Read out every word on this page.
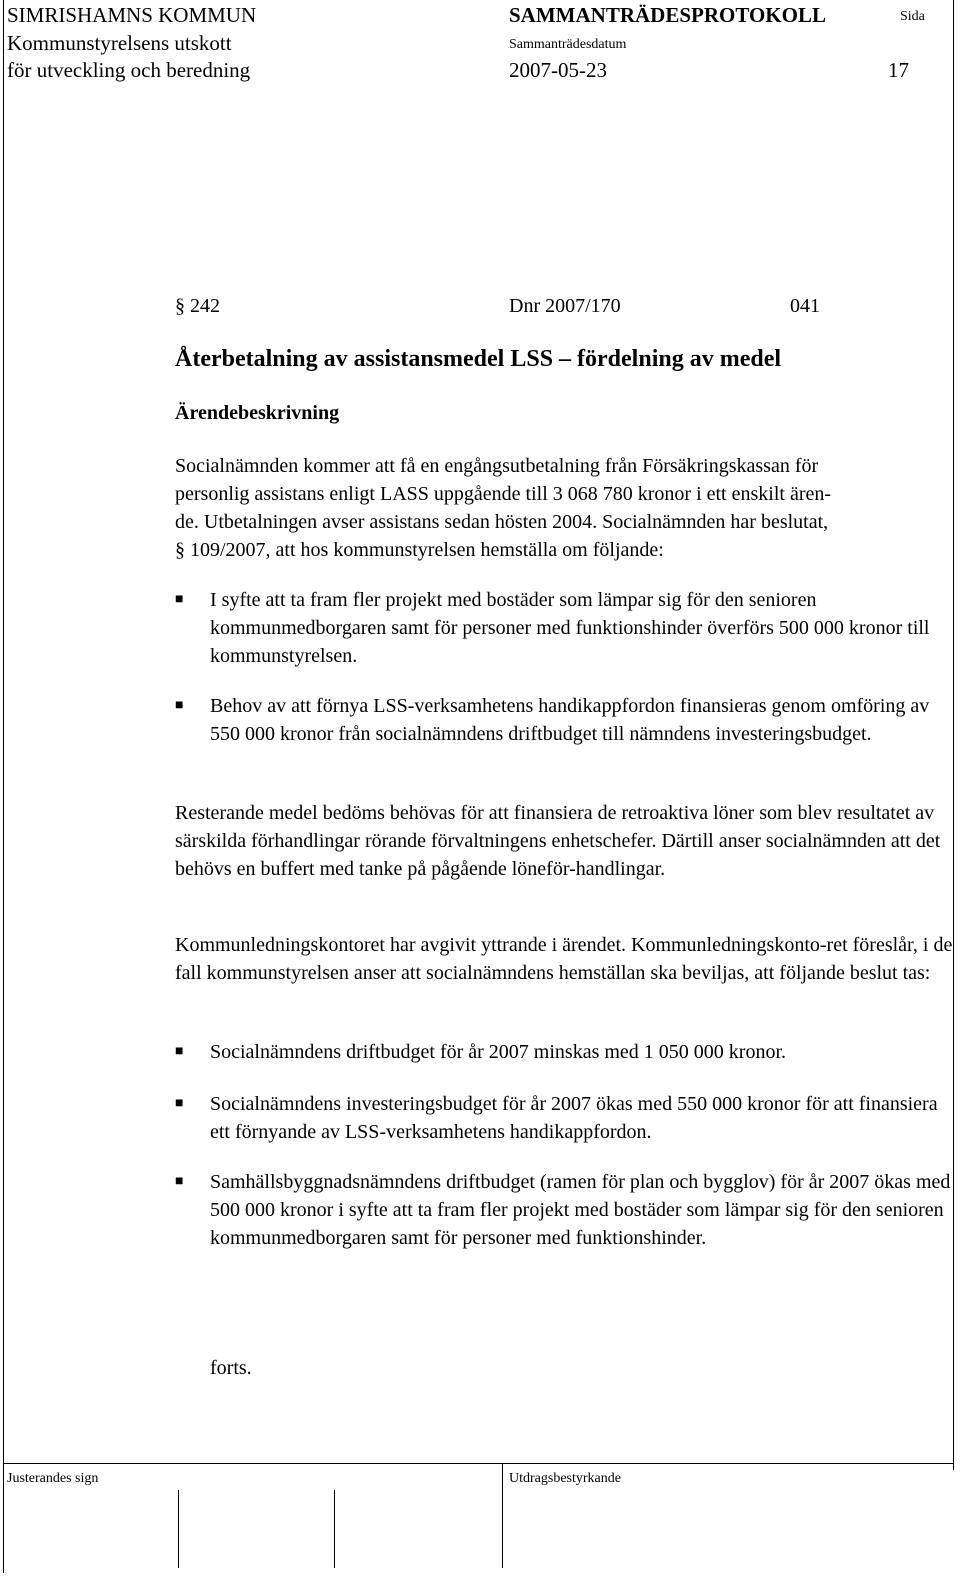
SIMRISHAMNS KOMMUN	SAMMANTRÄDESPROTOKOLL	Sida
Kommunstyrelsens utskott	Sammanträdesdatum
för utveckling och beredning	2007-05-23	17
§ 242	Dnr 2007/170	041
Återbetalning av assistansmedel LSS – fördelning av medel
Ärendebeskrivning
Socialnämnden kommer att få en engångsutbetalning från Försäkringskassan för
personlig assistans enligt LASS uppgående till 3 068 780 kronor i ett enskilt ären-
de. Utbetalningen avser assistans sedan hösten 2004. Socialnämnden har beslutat,
§ 109/2007, att hos kommunstyrelsen hemställa om följande:
■ I syfte att ta fram fler projekt med bostäder som lämpar sig för den senioren kommunmedborgaren samt för personer med funktionshinder överförs 500 000 kronor till kommunstyrelsen.
■ Behov av att förnya LSS-verksamhetens handikappfordon finansieras genom omföring av 550 000 kronor från socialnämndens driftbudget till nämndens investeringsbudget.
Resterande medel bedöms behövas för att finansiera de retroaktiva löner som blev resultatet av särskilda förhandlingar rörande förvaltningens enhetschefer. Därtill anser socialnämnden att det behövs en buffert med tanke på pågående löneför-handlingar.
Kommunledningskontoret har avgivit yttrande i ärendet. Kommunledningskonto-ret föreslår, i de fall kommunstyrelsen anser att socialnämndens hemställan ska beviljas, att följande beslut tas:
■ Socialnämndens driftbudget för år 2007 minskas med 1 050 000 kronor.
■ Socialnämndens investeringsbudget för år 2007 ökas med 550 000 kronor för att finansiera ett förnyande av LSS-verksamhetens handikappfordon.
■ Samhällsbyggnadsnämndens driftbudget (ramen för plan och bygglov) för år 2007 ökas med 500 000 kronor i syfte att ta fram fler projekt med bostäder som lämpar sig för den senioren kommunmedborgaren samt för personer med funktionshinder.
forts.
Justerandes sign	Utdragsbestyrkande
